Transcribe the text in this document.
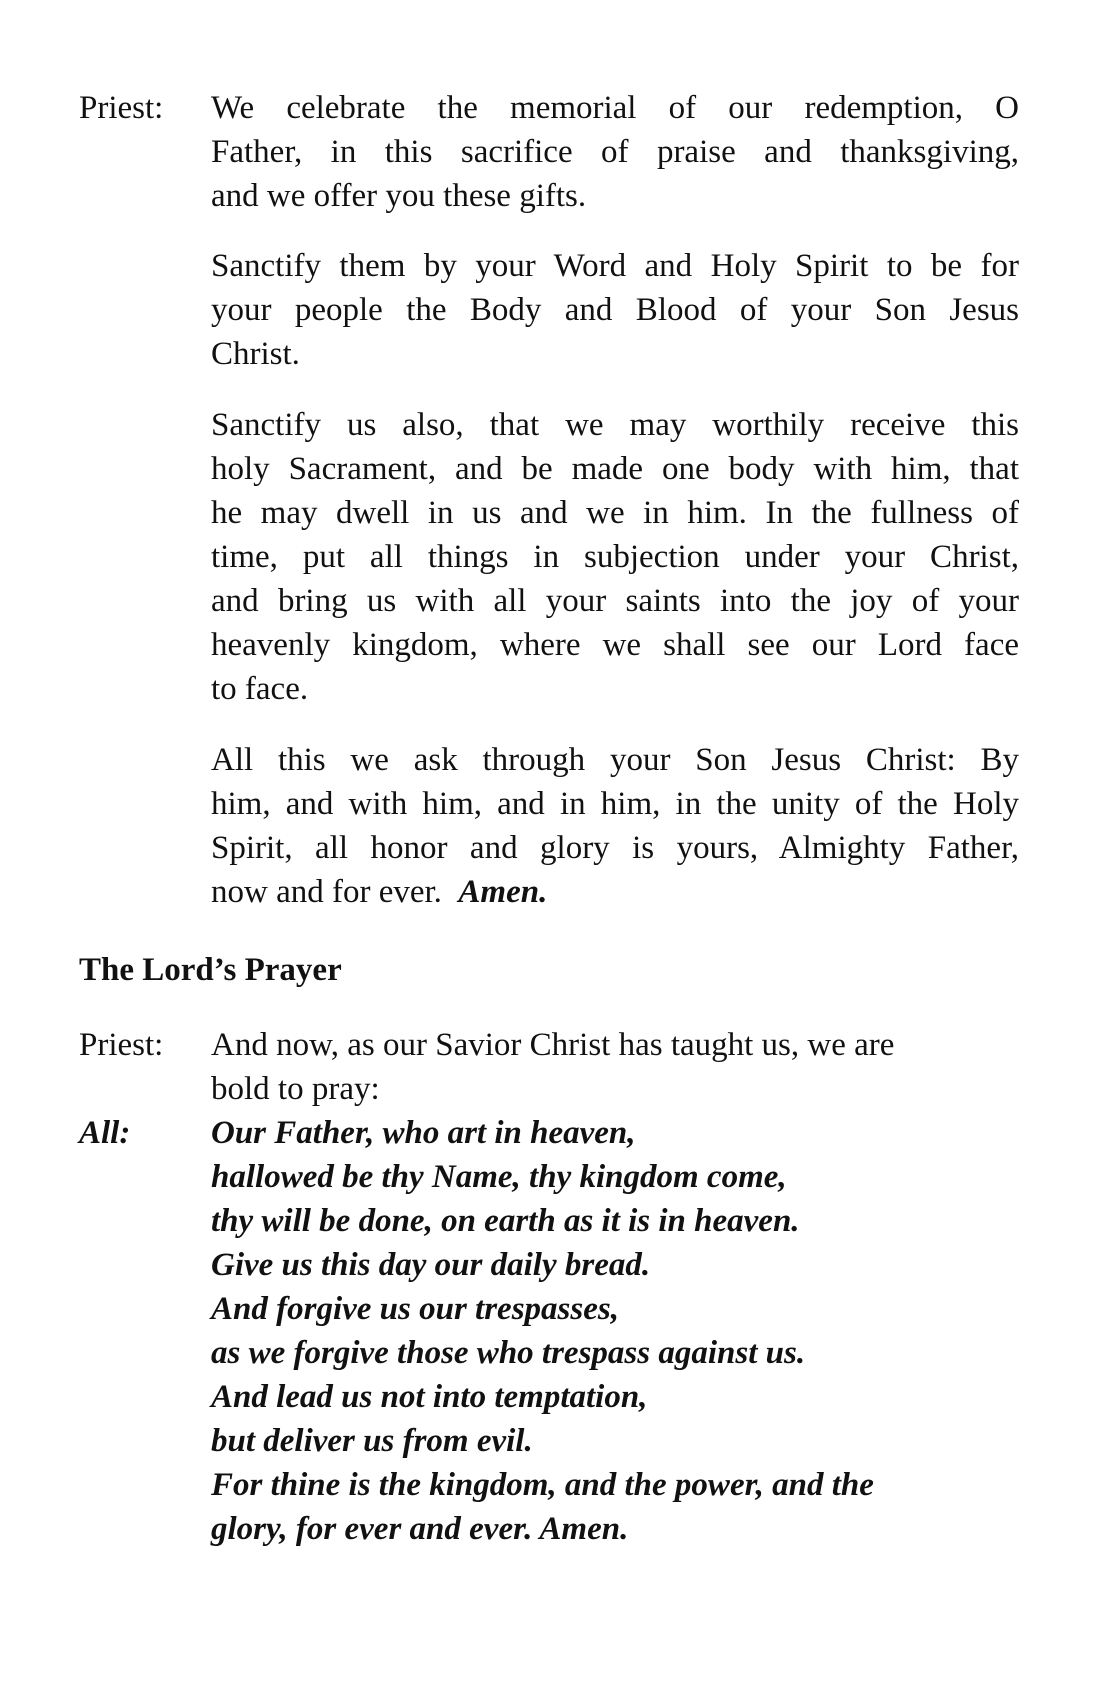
Priest: We celebrate the memorial of our redemption, O
Father, in this sacrifice of praise and thanksgiving,
and we offer you these gifts.
Sanctify them by your Word and Holy Spirit to be for
your people the Body and Blood of your Son Jesus
Christ.
Sanctify us also, that we may worthily receive this
holy Sacrament, and be made one body with him, that
he may dwell in us and we in him. In the fullness of
time, put all things in subjection under your Christ,
and bring us with all your saints into the joy of your
heavenly kingdom, where we shall see our Lord face
to face.
All this we ask through your Son Jesus Christ: By
him, and with him, and in him, in the unity of the Holy
Spirit, all honor and glory is yours, Almighty Father,
now and for ever. Amen.
The Lord’s Prayer
Priest: And now, as our Savior Christ has taught us, we are
bold to pray:
All: Our Father, who art in heaven,
hallowed be thy Name, thy kingdom come,
thy will be done, on earth as it is in heaven.
Give us this day our daily bread.
And forgive us our trespasses,
as we forgive those who trespass against us.
And lead us not into temptation,
but deliver us from evil.
For thine is the kingdom, and the power, and the
glory, for ever and ever. Amen.
